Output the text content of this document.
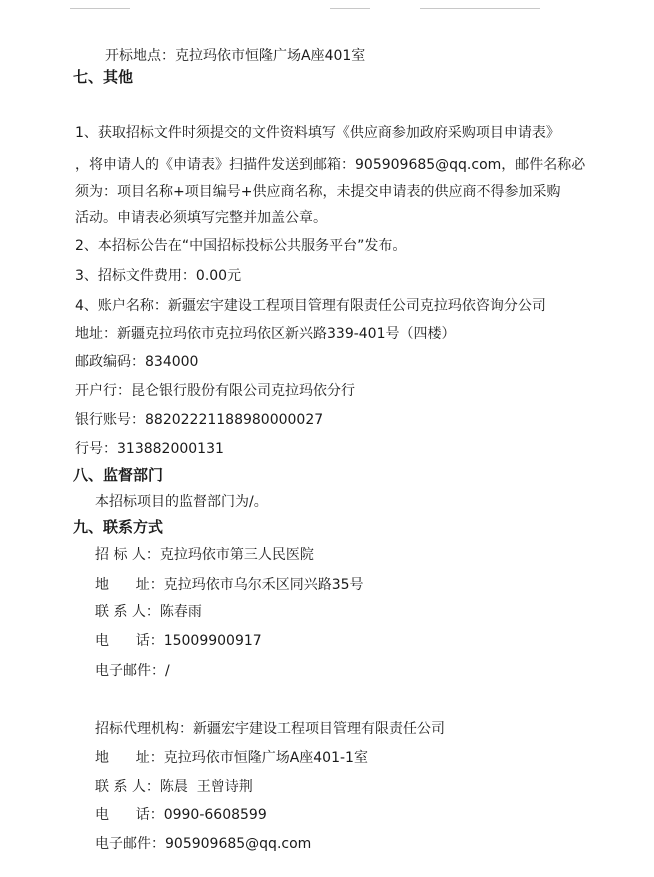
开标地点：克拉玛依市恒隆广场A座401室
七、其他
1、获取招标文件时须提交的文件资料填写《供应商参加政府采购项目申请表》
，将申请人的《申请表》扫描件发送到邮箱：905909685@qq.com，邮件名称必
须为：项目名称+项目编号+供应商名称，未提交申请表的供应商不得参加采购
活动。申请表必须填写完整并加盖公章。
2、本招标公告在“中国招标投标公共服务平台”发布。
3、招标文件费用：0.00元
4、账户名称：新疆宏宇建设工程项目管理有限责任公司克拉玛依咨询分公司
地址：新疆克拉玛依市克拉玛依区新兴路339-401号（四楼）
邮政编码：834000
开户行：昆仑银行股份有限公司克拉玛依分行
银行账号：88202221188980000027
行号：313882000131
八、监督部门
本招标项目的监督部门为/。
九、联系方式
招 标 人：克拉玛依市第三人民医院
地      址：克拉玛依市乌尔禾区同兴路35号
联 系 人：陈春雨
电      话：15009900917
电子邮件：/
招标代理机构：新疆宏宇建设工程项目管理有限责任公司
地      址：克拉玛依市恒隆广场A座401-1室
联 系 人：陈晨  王曾诗荆
电      话：0990-6608599
电子邮件：905909685@qq.com
